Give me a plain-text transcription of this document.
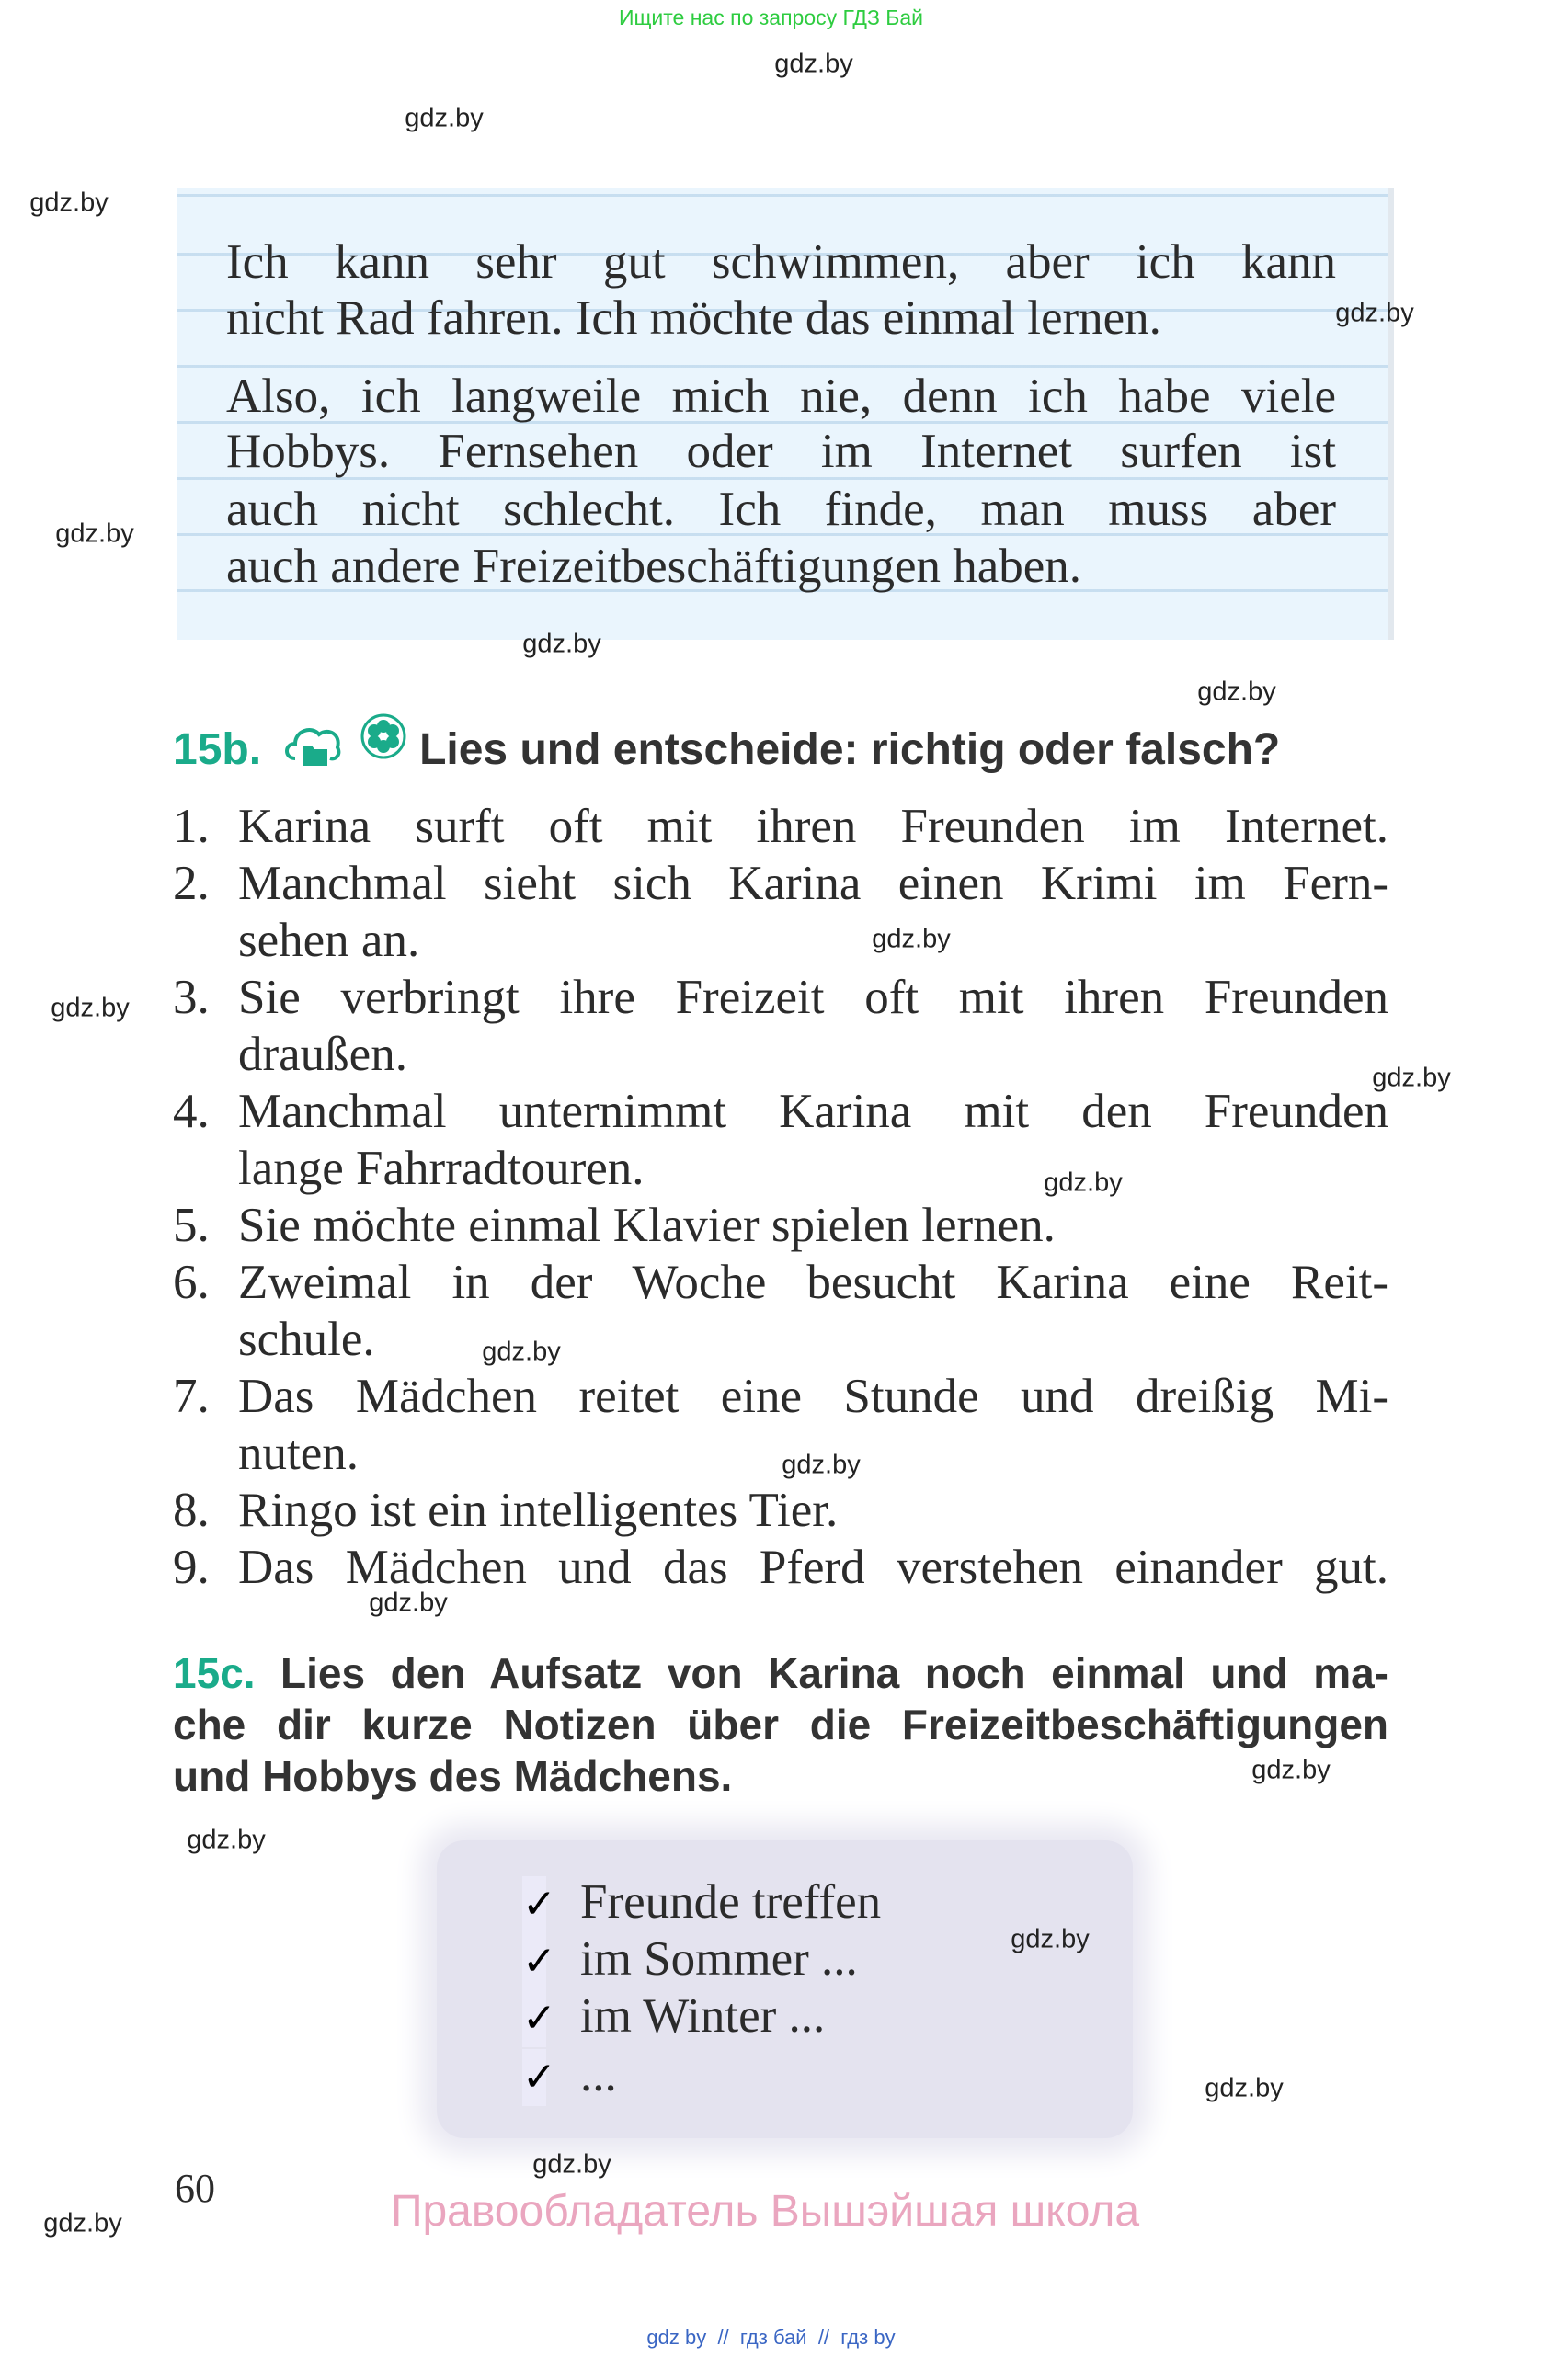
Ищите нас по запросу ГДЗ Бай
Ich kann sehr gut schwimmen, aber ich kann
nicht Rad fahren. Ich möchte das einmal lernen.
Also, ich langweile mich nie, denn ich habe viele
Hobbys. Fernsehen oder im Internet surfen ist
auch nicht schlecht. Ich finde, man muss aber
auch andere Freizeitbeschäftigungen haben.
15b.	Lies und entscheide: richtig oder falsch?
1. Karina surft oft mit ihren Freunden im Internet.
2. Manchmal sieht sich Karina einen Krimi im Fern-
sehen an.
3. Sie verbringt ihre Freizeit oft mit ihren Freunden
draußen.
4. Manchmal unternimmt Karina mit den Freunden
lange Fahrradtouren.
5. Sie möchte einmal Klavier spielen lernen.
6. Zweimal in der Woche besucht Karina eine Reit-
schule.
7. Das Mädchen reitet eine Stunde und dreißig Mi-
nuten.
8. Ringo ist ein intelligentes Tier.
9. Das Mädchen und das Pferd verstehen einander gut.
15c. Lies den Aufsatz von Karina noch einmal und ma-
che dir kurze Notizen über die Freizeitbeschäftigungen
und Hobbys des Mädchens.
✓ Freunde treffen
✓ im Sommer ...
✓ im Winter ...
✓ ...
60	Правообладатель Вышэйшая школа
gdz by  //  гдз бай  //  гдз by
gdz.by
gdz.by
gdz.by
gdz.by
gdz.by
gdz.by
gdz.by
gdz.by
gdz.by
gdz.by
gdz.by
gdz.by
gdz.by
gdz.by
gdz.by
gdz.by
gdz.by
gdz.by
gdz.by
gdz.by
